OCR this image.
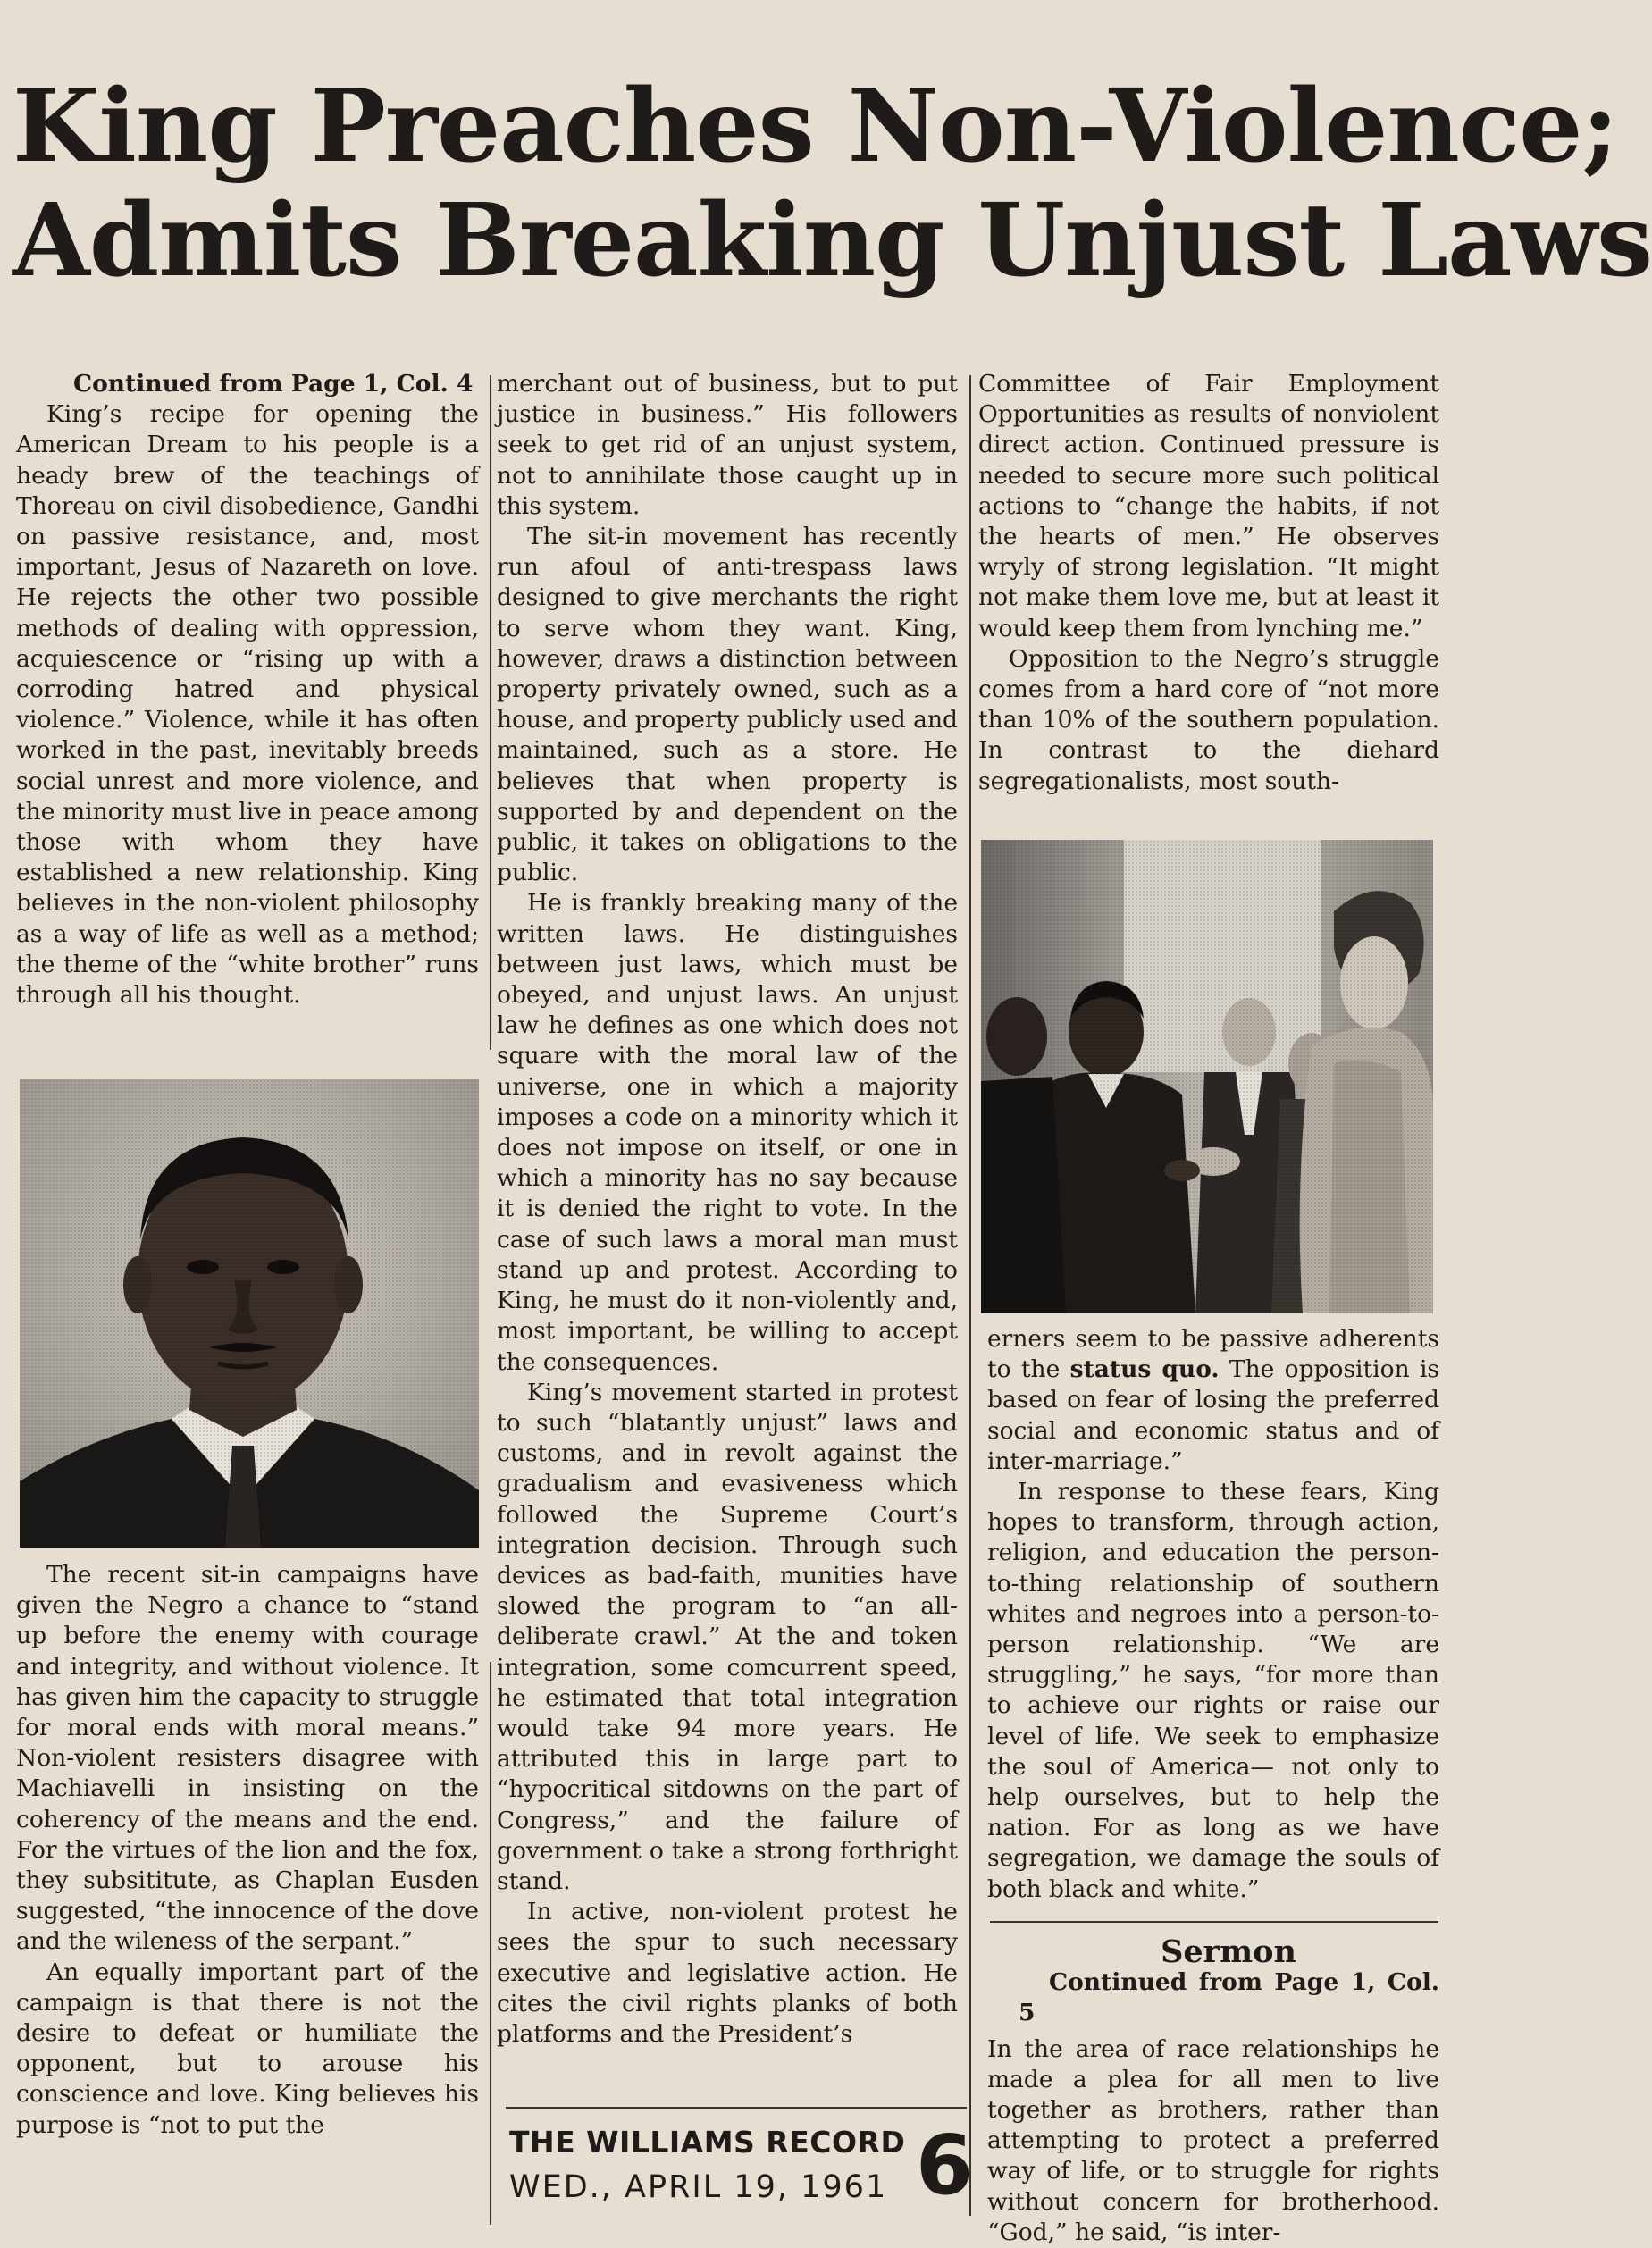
King Preaches Non-Violence;
Admits Breaking Unjust Laws

Continued from Page 1, Col. 4

King’s recipe for opening the American Dream to his people is a heady brew of the teachings of Thoreau on civil disobedience, Gandhi on passive resistance, and, most important, Jesus of Nazareth on love. He rejects the other two possible methods of dealing with oppression, acquiescence or “rising up with a corroding hatred and physical violence.” Violence, while it has often worked in the past, inevitably breeds social unrest and more violence, and the minority must live in peace among those with whom they have established a new relationship. King believes in the non-violent philosophy as a way of life as well as a method; the theme of the “white brother” runs through all his thought.

The recent sit-in campaigns have given the Negro a chance to “stand up before the enemy with courage and integrity, and without violence. It has given him the capacity to struggle for moral ends with moral means.” Non-violent resisters disagree with Machiavelli in insisting on the coherency of the means and the end. For the virtues of the lion and the fox, they subsititute, as Chaplan Eusden suggested, “the innocence of the dove and the wileness of the serpant.”

An equally important part of the campaign is that there is not the desire to defeat or humiliate the opponent, but to arouse his conscience and love. King believes his purpose is “not to put the

merchant out of business, but to put justice in business.” His followers seek to get rid of an unjust system, not to annihilate those caught up in this system.

The sit-in movement has recently run afoul of anti-trespass laws designed to give merchants the right to serve whom they want. King, however, draws a distinction between property privately owned, such as a house, and property publicly used and maintained, such as a store. He believes that when property is supported by and dependent on the public, it takes on obligations to the public.

He is frankly breaking many of the written laws. He distinguishes between just laws, which must be obeyed, and unjust laws. An unjust law he defines as one which does not square with the moral law of the universe, one in which a majority imposes a code on a minority which it does not impose on itself, or one in which a minority has no say because it is denied the right to vote. In the case of such laws a moral man must stand up and protest. According to King, he must do it non-violently and, most important, be willing to accept the consequences.

King’s movement started in protest to such “blatantly unjust” laws and customs, and in revolt against the gradualism and evasiveness which followed the Supreme Court’s integration decision. Through such devices as bad-faith, munities have slowed the program to “an all-deliberate crawl.” At the and token integration, some comcurrent speed, he estimated that total integration would take 94 more years. He attributed this in large part to “hypocritical sitdowns on the part of Congress,” and the failure of government o take a strong forthright stand.

In active, non-violent protest he sees the spur to such necessary executive and legislative action. He cites the civil rights planks of both platforms and the President’s

Committee of Fair Employment Opportunities as results of nonviolent direct action. Continued pressure is needed to secure more such political actions to “change the habits, if not the hearts of men.” He observes wryly of strong legislation. “It might not make them love me, but at least it would keep them from lynching me.”

Opposition to the Negro’s struggle comes from a hard core of “not more than 10% of the southern population. In contrast to the diehard segregationalists, most south-

erners seem to be passive adherents to the status quo. The opposition is based on fear of losing the preferred social and economic status and of inter-marriage.”

In response to these fears, King hopes to transform, through action, religion, and education the person-to-thing relationship of southern whites and negroes into a person-to-person relationship. “We are struggling,” he says, “for more than to achieve our rights or raise our level of life. We seek to emphasize the soul of America— not only to help ourselves, but to help the nation. For as long as we have segregation, we damage the souls of both black and white.”

Sermon

Continued from Page 1, Col. 5

In the area of race relationships he made a plea for all men to live together as brothers, rather than attempting to protect a preferred way of life, or to struggle for rights without concern for brotherhood. “God,” he said, “is inter-

THE WILLIAMS RECORD
WED., APRIL 19, 1961 6
